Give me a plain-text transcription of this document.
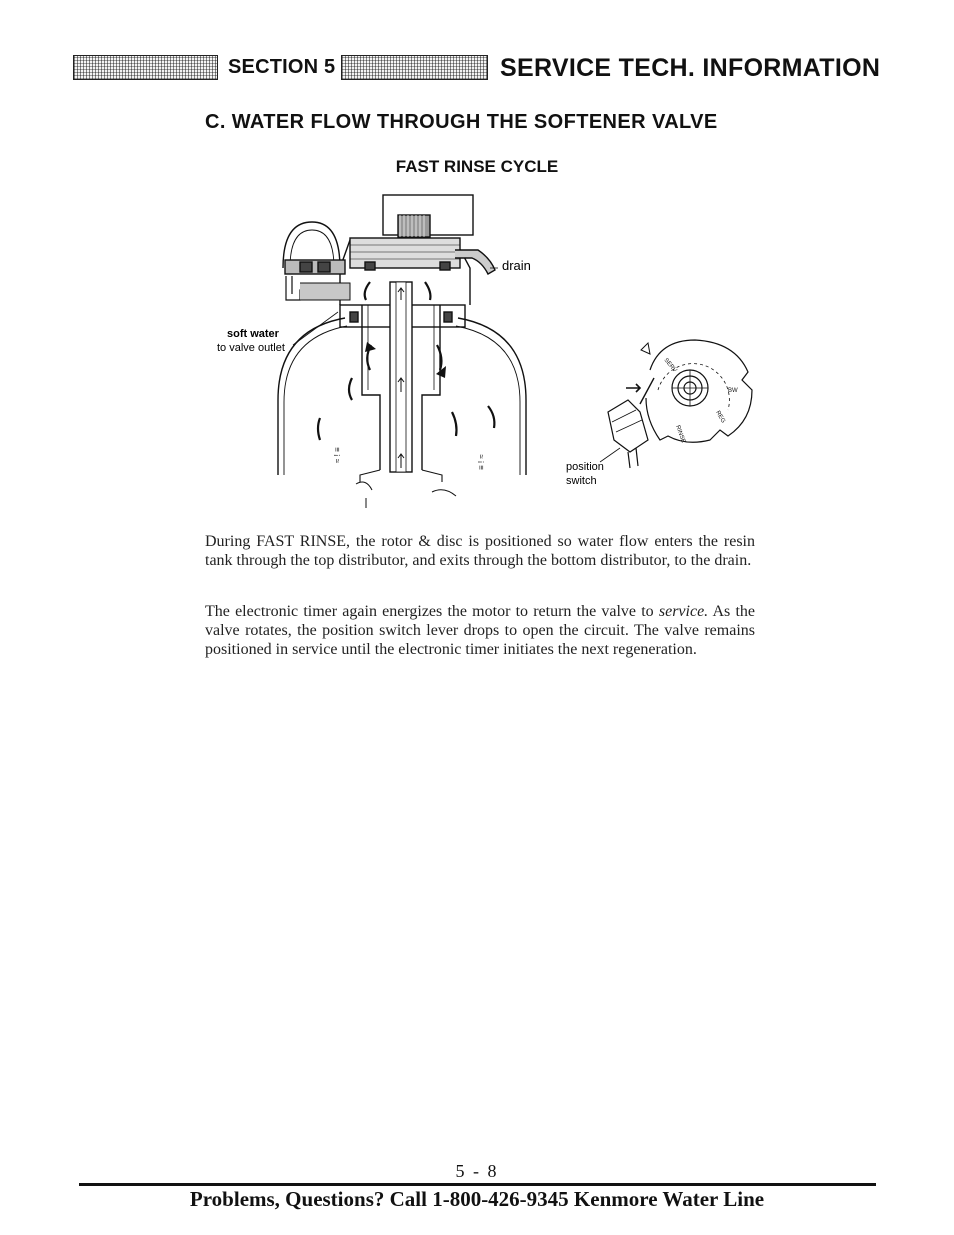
SECTION 5	SERVICE TECH. INFORMATION
C. WATER FLOW THROUGH THE SOFTENER VALVE
FAST RINSE CYCLE
≈ ! ≡	≡ ! ≈
drain
soft water
to valve outlet
position
switch
SERV
BW
REG
RINSE

During FAST RINSE, the rotor & disc is positioned so water flow enters the resin tank through the top distributor, and exits through the bottom distributor, to the drain.

The electronic timer again energizes the motor to return the valve to service. As the valve rotates, the position switch lever drops to open the circuit. The valve remains positioned in service until the electronic timer initiates the next regeneration.

5 - 8
Problems, Questions? Call 1-800-426-9345 Kenmore Water Line
